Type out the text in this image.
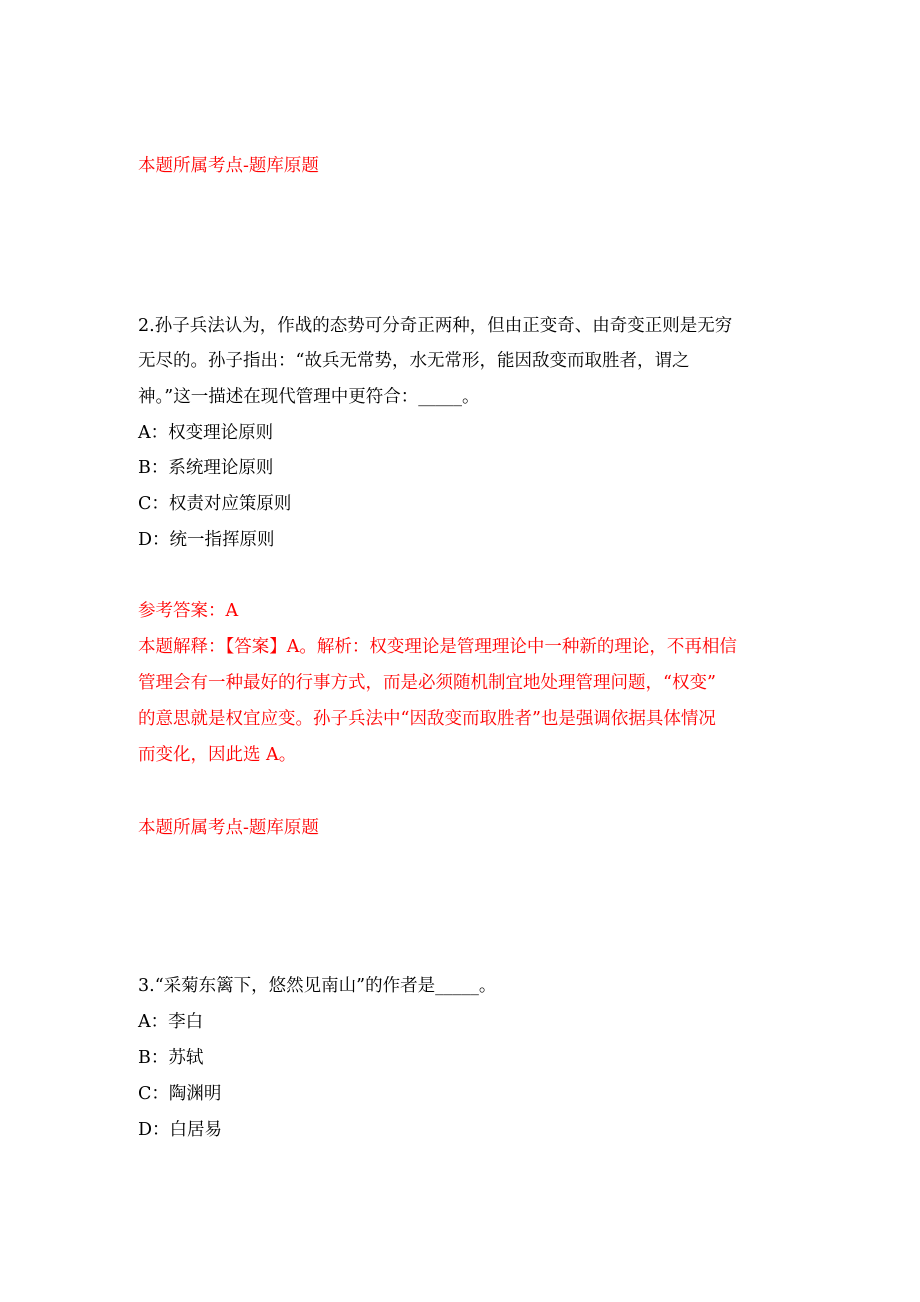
本题所属考点-题库原题
2.孙子兵法认为，作战的态势可分奇正两种，但由正变奇、由奇变正则是无穷
无尽的。孙子指出：“故兵无常势，水无常形，能因敌变而取胜者，谓之
神。”这一描述在现代管理中更符合：_____。
A：权变理论原则
B：系统理论原则
C：权责对应策原则
D：统一指挥原则
参考答案：A
本题解释：【答案】A。解析：权变理论是管理理论中一种新的理论，不再相信
管理会有一种最好的行事方式，而是必须随机制宜地处理管理问题，“权变”
的意思就是权宜应变。孙子兵法中“因敌变而取胜者”也是强调依据具体情况
而变化，因此选 A。
本题所属考点-题库原题
3.“采菊东篱下，悠然见南山”的作者是_____。
A：李白
B：苏轼
C：陶渊明
D：白居易
